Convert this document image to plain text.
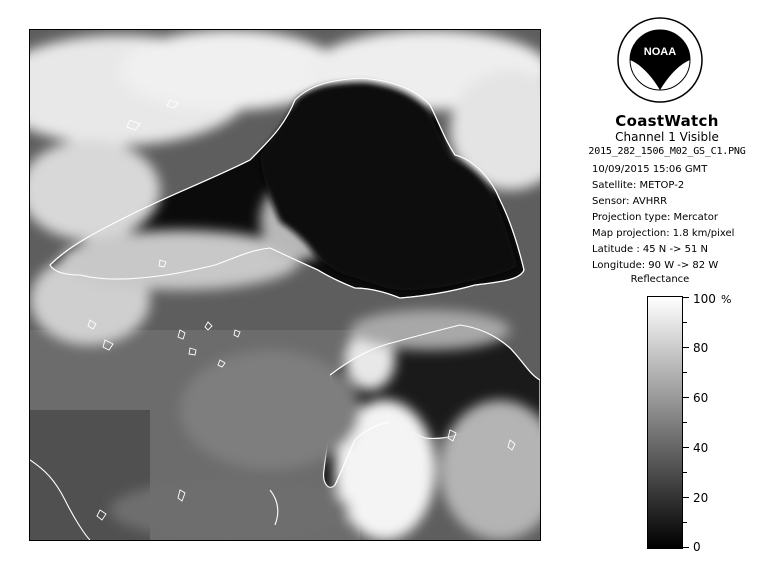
NOAA
CoastWatch
Channel 1 Visible
2015_282_1506_M02_GS_C1.PNG
10/09/2015 15:06 GMT
Satellite: METOP-2
Sensor: AVHRR
Projection type: Mercator
Map projection: 1.8 km/pixel
Latitude : 45 N -> 51 N
Longitude: 90 W -> 82 W
Reflectance
%
100
80
60
40
20
0
